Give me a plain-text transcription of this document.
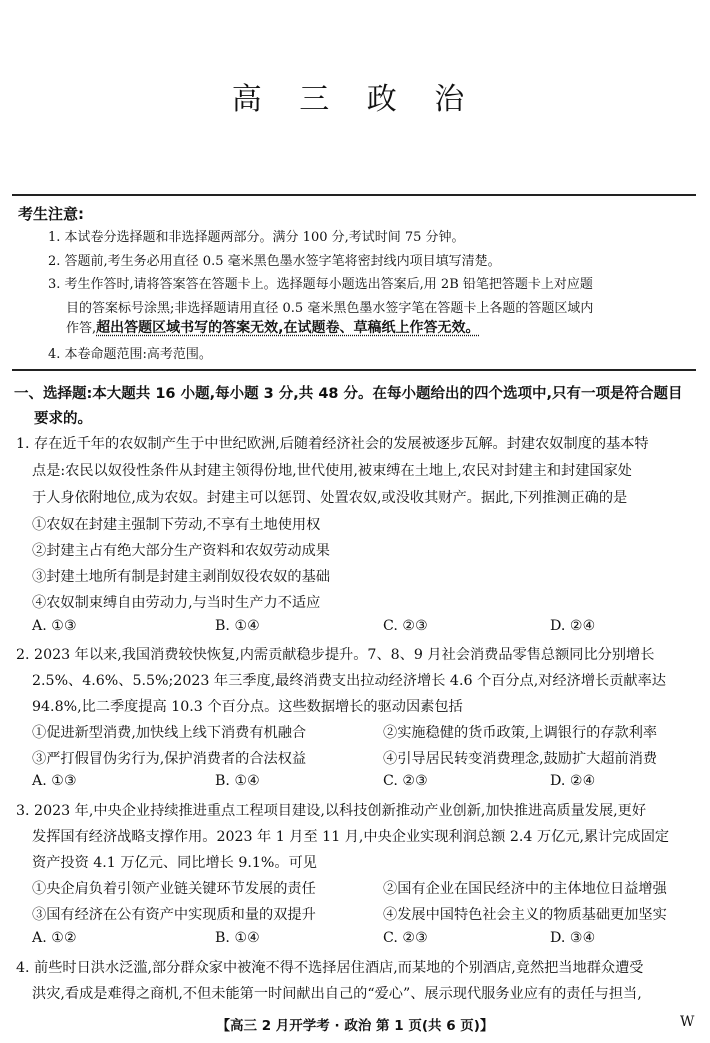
高 三 政 治
考生注意:
1. 本试卷分选择题和非选择题两部分。满分 100 分,考试时间 75 分钟。
2. 答题前,考生务必用直径 0.5 毫米黑色墨水签字笔将密封线内项目填写清楚。
3. 考生作答时,请将答案答在答题卡上。选择题每小题选出答案后,用 2B 铅笔把答题卡上对应题
目的答案标号涂黑;非选择题请用直径 0.5 毫米黑色墨水签字笔在答题卡上各题的答题区域内
作答,超出答题区域书写的答案无效,在试题卷、草稿纸上作答无效。
4. 本卷命题范围:高考范围。
一、选择题:本大题共 16 小题,每小题 3 分,共 48 分。在每小题给出的四个选项中,只有一项是符合题目
要求的。
1. 存在近千年的农奴制产生于中世纪欧洲,后随着经济社会的发展被逐步瓦解。封建农奴制度的基本特
点是:农民以奴役性条件从封建主领得份地,世代使用,被束缚在土地上,农民对封建主和封建国家处
于人身依附地位,成为农奴。封建主可以惩罚、处置农奴,或没收其财产。据此,下列推测正确的是
①农奴在封建主强制下劳动,不享有土地使用权
②封建主占有绝大部分生产资料和农奴劳动成果
③封建土地所有制是封建主剥削奴役农奴的基础
④农奴制束缚自由劳动力,与当时生产力不适应
A. ①③	B. ①④	C. ②③	D. ②④
2. 2023 年以来,我国消费较快恢复,内需贡献稳步提升。7、8、9 月社会消费品零售总额同比分别增长
2.5%、4.6%、5.5%;2023 年三季度,最终消费支出拉动经济增长 4.6 个百分点,对经济增长贡献率达
94.8%,比二季度提高 10.3 个百分点。这些数据增长的驱动因素包括
①促进新型消费,加快线上线下消费有机融合	②实施稳健的货币政策,上调银行的存款利率
③严打假冒伪劣行为,保护消费者的合法权益	④引导居民转变消费理念,鼓励扩大超前消费
A. ①③	B. ①④	C. ②③	D. ②④
3. 2023 年,中央企业持续推进重点工程项目建设,以科技创新推动产业创新,加快推进高质量发展,更好
发挥国有经济战略支撑作用。2023 年 1 月至 11 月,中央企业实现利润总额 2.4 万亿元,累计完成固定
资产投资 4.1 万亿元、同比增长 9.1%。可见
①央企肩负着引领产业链关键环节发展的责任	②国有企业在国民经济中的主体地位日益增强
③国有经济在公有资产中实现质和量的双提升	④发展中国特色社会主义的物质基础更加坚实
A. ①②	B. ①④	C. ②③	D. ③④
4. 前些时日洪水泛滥,部分群众家中被淹不得不选择居住酒店,而某地的个别酒店,竟然把当地群众遭受
洪灾,看成是难得之商机,不但未能第一时间献出自己的“爱心”、展示现代服务业应有的责任与担当,
【高三 2 月开学考 · 政治 第 1 页(共 6 页)】	W
